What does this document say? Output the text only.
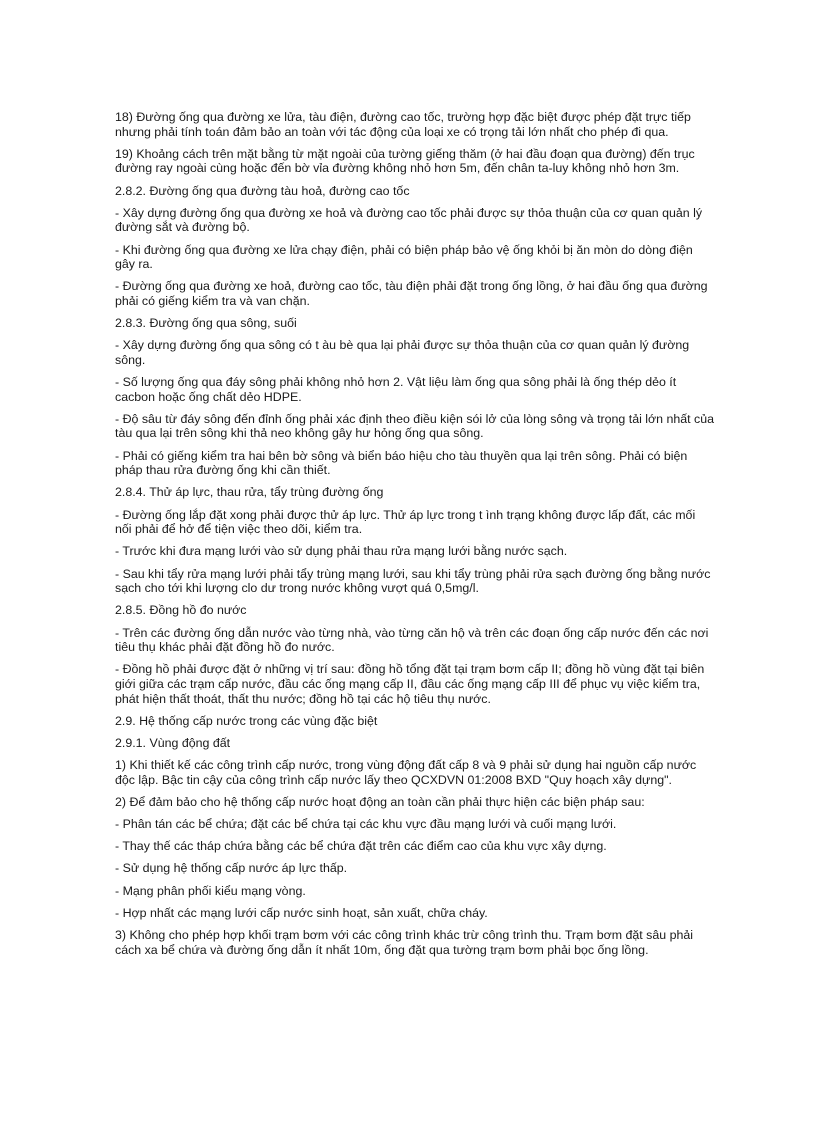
18) Đường ống qua đường xe lửa, tàu điện, đường cao tốc, trường hợp đặc biệt được phép đặt trực tiếp nhưng phải tính toán đảm bảo an toàn với tác động của loại xe có trọng tải lớn nhất cho phép đi qua.

19) Khoảng cách trên mặt bằng từ mặt ngoài của tường giếng thăm (ở hai đầu đoạn qua đường) đến trục đường ray ngoài cùng hoặc đến bờ vỉa đường không nhỏ hơn 5m, đến chân ta-luy không nhỏ hơn 3m.

2.8.2. Đường ống qua đường tàu hoả, đường cao tốc

- Xây dựng đường ống qua đường xe hoả và đường cao tốc phải được sự thỏa thuận của cơ quan quản lý đường sắt và đường bộ.

- Khi đường ống qua đường xe lửa chạy điện, phải có biện pháp bảo vệ ống khỏi bị ăn mòn do dòng điện gây ra.

- Đường ống qua đường xe hoả, đường cao tốc, tàu điện phải đặt trong ống lồng, ở hai đầu ống qua đường phải có giếng kiểm tra và van chặn.

2.8.3. Đường ống qua sông, suối

- Xây dựng đường ống qua sông có t àu bè qua lại phải được sự thỏa thuận của cơ quan quản lý đường sông.

- Số lượng ống qua đáy sông phải không nhỏ hơn 2. Vật liệu làm ống qua sông phải là ống thép dẻo ít cacbon hoặc ống chất dẻo HDPE.

- Độ sâu từ đáy sông đến đỉnh ống phải xác định theo điều kiện sói lở của lòng sông và trọng tải lớn nhất của tàu qua lại trên sông khi thả neo không gây hư hỏng ống qua sông.

- Phải có giếng kiểm tra hai bên bờ sông và biển báo hiệu cho tàu thuyền qua lại trên sông. Phải có biện pháp thau rửa đường ống khi cần thiết.

2.8.4. Thử áp lực, thau rửa, tẩy trùng đường ống

- Đường ống lắp đặt xong phải được thử áp lực. Thử áp lực trong t ình trạng không được lấp đất, các mối nối phải để hở để tiện việc theo dõi, kiểm tra.

- Trước khi đưa mạng lưới vào sử dụng phải thau rửa mạng lưới bằng nước sạch.

- Sau khi tẩy rửa mạng lưới phải tẩy trùng mạng lưới, sau khi tẩy trùng phải rửa sạch đường ống bằng nước sạch cho tới khi lượng clo dư trong nước không vượt quá 0,5mg/l.

2.8.5. Đồng hồ đo nước

- Trên các đường ống dẫn nước vào từng nhà, vào từng căn hộ và trên các đoạn ống cấp nước đến các nơi tiêu thụ khác phải đặt đồng hồ đo nước.

- Đồng hồ phải được đặt ở những vị trí sau: đồng hồ tổng đặt tại trạm bơm cấp II; đồng hồ vùng đặt tại biên giới giữa các trạm cấp nước, đầu các ống mạng cấp II, đầu các ống mạng cấp III để phục vụ việc kiểm tra, phát hiện thất thoát, thất thu nước; đồng hồ tại các hộ tiêu thụ nước.

2.9. Hệ thống cấp nước trong các vùng đặc biệt

2.9.1. Vùng động đất

1) Khi thiết kế các công trình cấp nước, trong vùng động đất cấp 8 và 9 phải sử dụng hai nguồn cấp nước độc lập. Bậc tin cậy của công trình cấp nước lấy theo QCXDVN 01:2008 BXD "Quy hoạch xây dựng".

2) Để đảm bảo cho hệ thống cấp nước hoạt động an toàn cần phải thực hiện các biện pháp sau:

- Phân tán các bể chứa; đặt các bể chứa tại các khu vực đầu mạng lưới và cuối mạng lưới.

- Thay thế các tháp chứa bằng các bể chứa đặt trên các điểm cao của khu vực xây dựng.

- Sử dụng hệ thống cấp nước áp lực thấp.

- Mạng phân phối kiểu mạng vòng.

- Hợp nhất các mạng lưới cấp nước sinh hoạt, sản xuất, chữa cháy.

3) Không cho phép hợp khối trạm bơm với các công trình khác trừ công trình thu. Trạm bơm đặt sâu phải cách xa bể chứa và đường ống dẫn ít nhất 10m, ống đặt qua tường trạm bơm phải bọc ống lồng.
